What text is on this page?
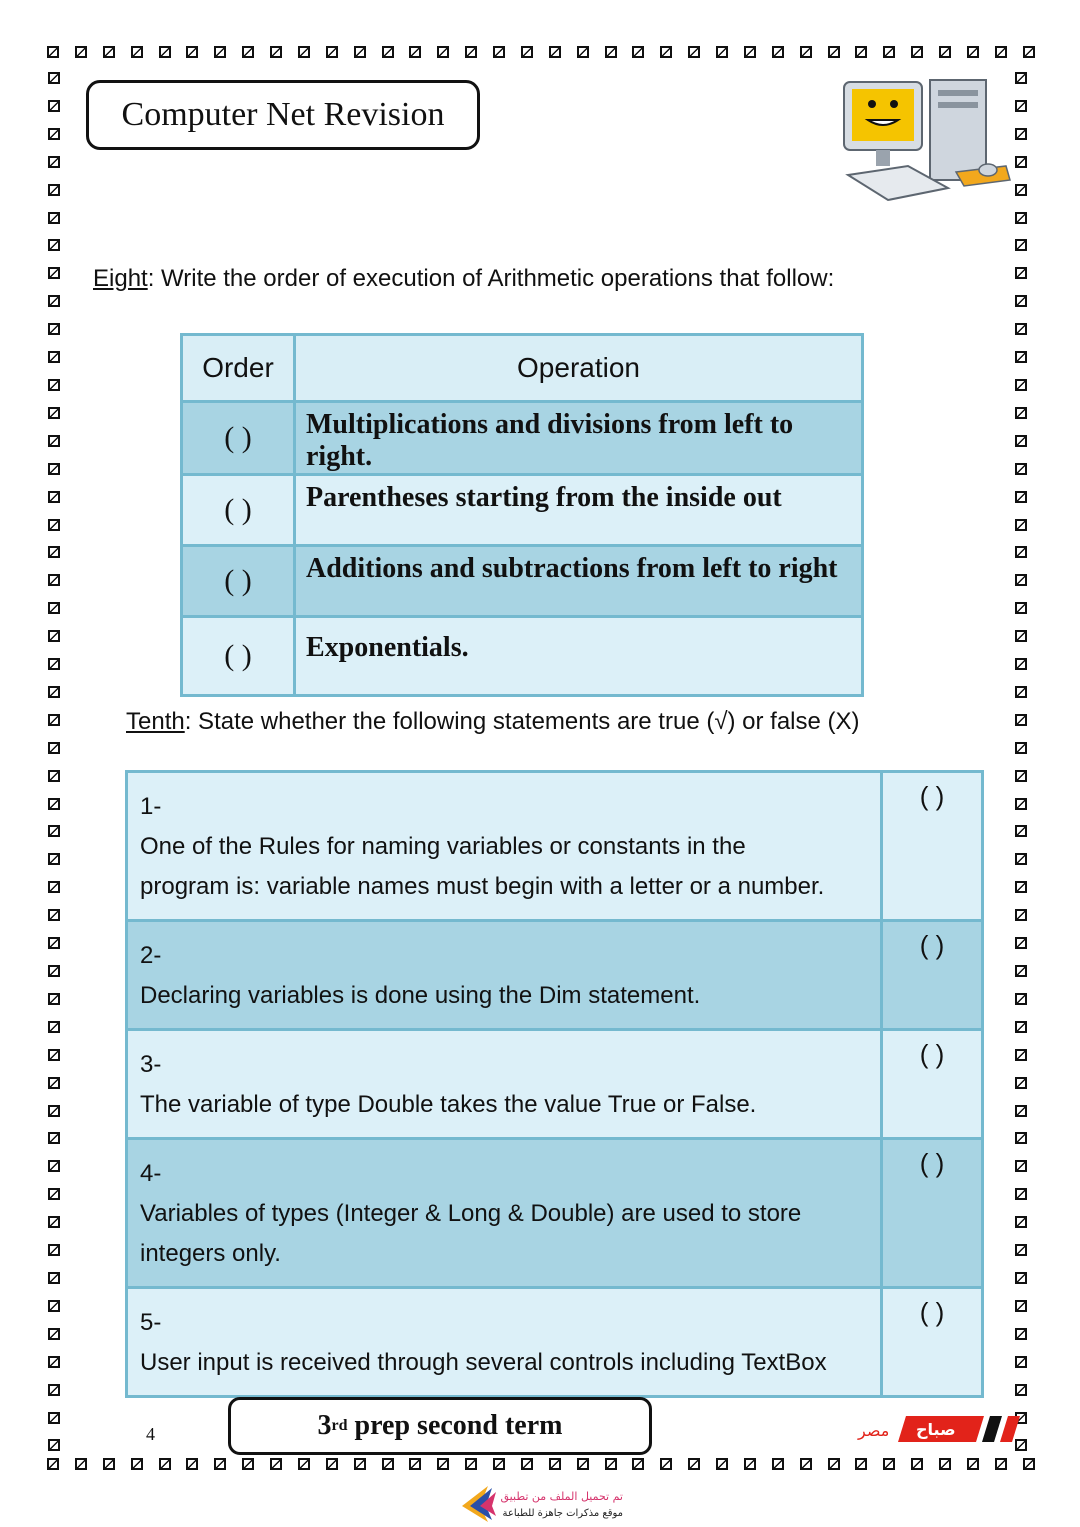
Computer Net Revision
Eight: Write the order of execution of Arithmetic operations that follow:
Order	Operation
( )	Multiplications and divisions from left to right.
( )	Parentheses starting from the inside out
( )	Additions and subtractions from left to right
( )	Exponentials.
Tenth: State whether the following statements are true (√) or false (X)
1-One of the Rules for naming variables or constants in the program is: variable names must begin with a letter or a number.	( )
2-Declaring variables is done using the Dim statement.	( )
3-The variable of type Double takes the value True or False.	( )
4-Variables of types (Integer & Long & Double) are used to store integers only.	( )
5-User input is received through several controls including TextBox	( )
4	3 rd prep second term	مصر صباح
تم تحميل الملف من تطبيق
موقع مذكرات جاهزة للطباعة
